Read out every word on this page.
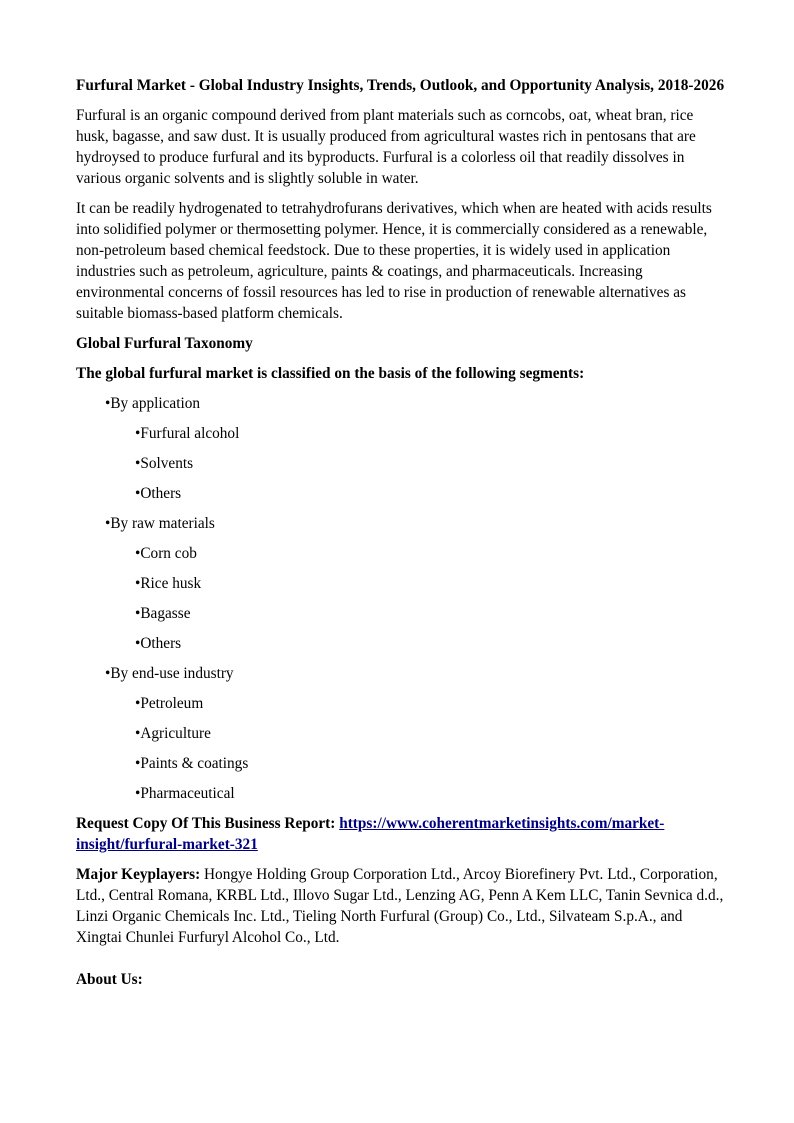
Furfural Market - Global Industry Insights, Trends, Outlook, and Opportunity Analysis, 2018-2026

Furfural is an organic compound derived from plant materials such as corncobs, oat, wheat bran, rice husk, bagasse, and saw dust. It is usually produced from agricultural wastes rich in pentosans that are hydroysed to produce furfural and its byproducts. Furfural is a colorless oil that readily dissolves in various organic solvents and is slightly soluble in water.

It can be readily hydrogenated to tetrahydrofurans derivatives, which when are heated with acids results into solidified polymer or thermosetting polymer. Hence, it is commercially considered as a renewable, non-petroleum based chemical feedstock. Due to these properties, it is widely used in application industries such as petroleum, agriculture, paints & coatings, and pharmaceuticals. Increasing environmental concerns of fossil resources has led to rise in production of renewable alternatives as suitable biomass-based platform chemicals.

Global Furfural Taxonomy

The global furfural market is classified on the basis of the following segments:

•By application

•Furfural alcohol

•Solvents

•Others

•By raw materials

•Corn cob

•Rice husk

•Bagasse

•Others

•By end-use industry

•Petroleum

•Agriculture

•Paints & coatings

•Pharmaceutical

Request Copy Of This Business Report: https://www.coherentmarketinsights.com/market-insight/furfural-market-321

Major Keyplayers: Hongye Holding Group Corporation Ltd., Arcoy Biorefinery Pvt. Ltd., Corporation, Ltd., Central Romana, KRBL Ltd., Illovo Sugar Ltd., Lenzing AG, Penn A Kem LLC, Tanin Sevnica d.d., Linzi Organic Chemicals Inc. Ltd., Tieling North Furfural (Group) Co., Ltd., Silvateam S.p.A., and Xingtai Chunlei Furfuryl Alcohol Co., Ltd.

About Us:
